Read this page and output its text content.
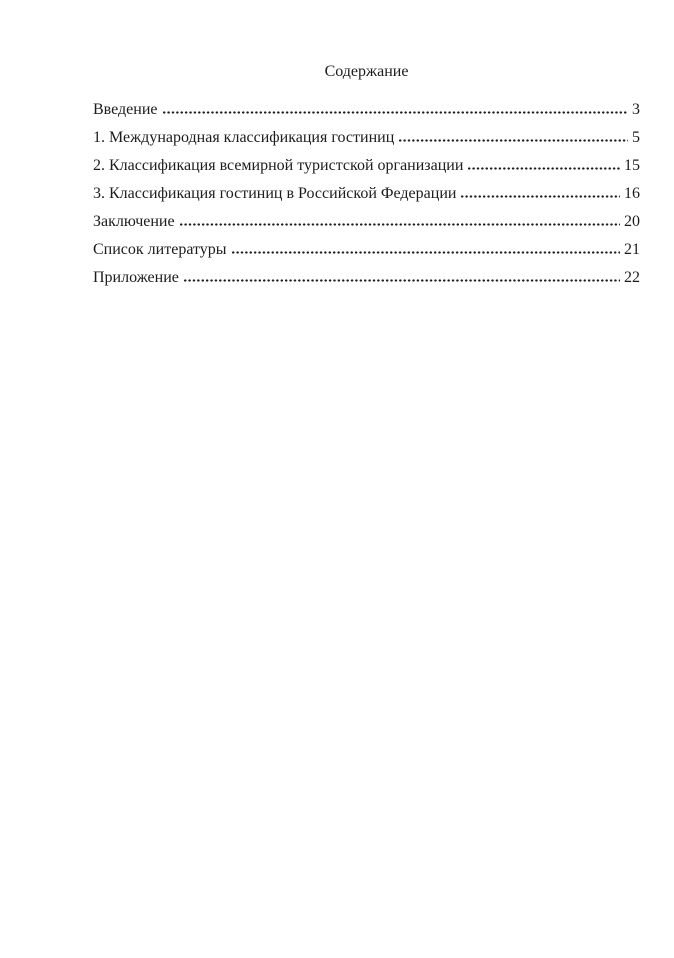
Содержание
Введение	3
1. Международная классификация гостиниц	5
2. Классификация всемирной туристской организации	15
3. Классификация гостиниц в Российской Федерации	16
Заключение	20
Список литературы	21
Приложение	22
